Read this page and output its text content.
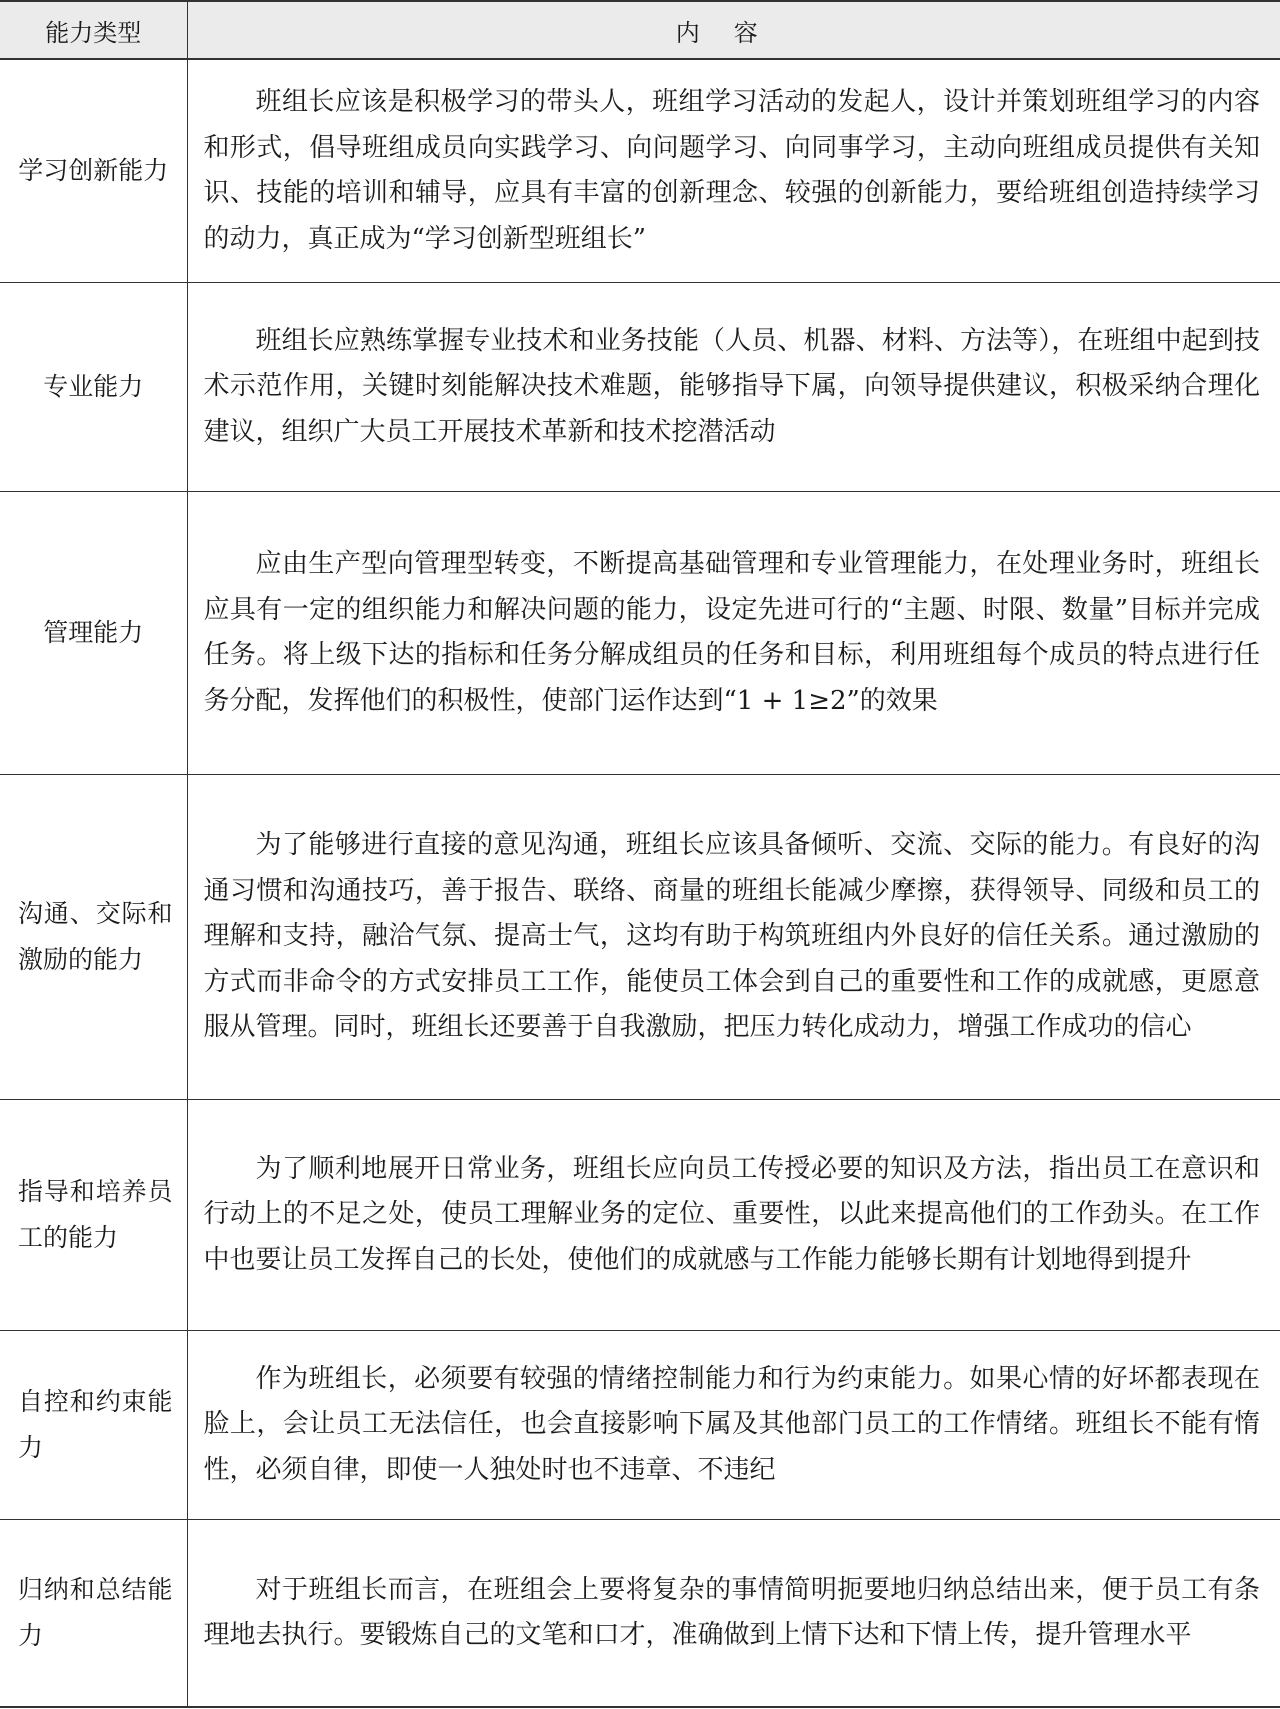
能力类型	内容
学习创新能力	班组长应该是积极学习的带头人，班组学习活动的发起人，设计并策划班组学习的内容和形式，倡导班组成员向实践学习、向问题学习、向同事学习，主动向班组成员提供有关知识、技能的培训和辅导，应具有丰富的创新理念、较强的创新能力，要给班组创造持续学习的动力，真正成为“学习创新型班组长”

专业能力	班组长应熟练掌握专业技术和业务技能（人员、机器、材料、方法等），在班组中起到技术示范作用，关键时刻能解决技术难题，能够指导下属，向领导提供建议，积极采纳合理化建议，组织广大员工开展技术革新和技术挖潜活动

管理能力	应由生产型向管理型转变，不断提高基础管理和专业管理能力，在处理业务时，班组长应具有一定的组织能力和解决问题的能力，设定先进可行的“主题、时限、数量”目标并完成任务。将上级下达的指标和任务分解成组员的任务和目标，利用班组每个成员的特点进行任务分配，发挥他们的积极性，使部门运作达到“1 + 1≥2”的效果

沟通、交际和激励的能力	为了能够进行直接的意见沟通，班组长应该具备倾听、交流、交际的能力。有良好的沟通习惯和沟通技巧，善于报告、联络、商量的班组长能减少摩擦，获得领导、同级和员工的理解和支持，融洽气氛、提高士气，这均有助于构筑班组内外良好的信任关系。通过激励的方式而非命令的方式安排员工工作，能使员工体会到自己的重要性和工作的成就感，更愿意服从管理。同时，班组长还要善于自我激励，把压力转化成动力，增强工作成功的信心

指导和培养员工的能力	为了顺利地展开日常业务，班组长应向员工传授必要的知识及方法，指出员工在意识和行动上的不足之处，使员工理解业务的定位、重要性，以此来提高他们的工作劲头。在工作中也要让员工发挥自己的长处，使他们的成就感与工作能力能够长期有计划地得到提升

自控和约束能力	作为班组长，必须要有较强的情绪控制能力和行为约束能力。如果心情的好坏都表现在脸上，会让员工无法信任，也会直接影响下属及其他部门员工的工作情绪。班组长不能有惰性，必须自律，即使一人独处时也不违章、不违纪

归纳和总结能力	对于班组长而言，在班组会上要将复杂的事情简明扼要地归纳总结出来，便于员工有条理地去执行。要锻炼自己的文笔和口才，准确做到上情下达和下情上传，提升管理水平
